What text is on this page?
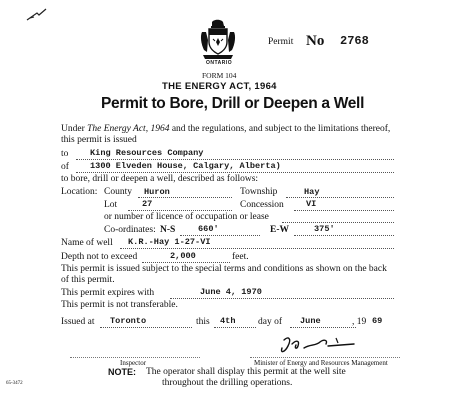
ONTARIO
Permit No 2768
FORM 104
THE ENERGY ACT, 1964
Permit to Bore, Drill or Deepen a Well
Under The Energy Act, 1964 and the regulations, and subject to the limitations thereof,
this permit is issued
to	King Resources Company
of 1300 Elveden House, Calgary, Alberta)
to bore, drill or deepen a well, described as follows:
Location: County Huron	Township	Hay
Lot	27	Concession	VI
or number of licence of occupation or lease
Co-ordinates: N-S	660'	E-W	375'
Name of well K.R.-Hay 1-27-VI
Depth not to exceed	2,000	feet.
This permit is issued subject to the special terms and conditions as shown on the back
of this permit.
This permit expires with	June 4, 1970
This permit is not transferable.
Issued at Toronto	this 4th day of June	, 19 69
Inspector	Minister of Energy and Resources Management
65-3472
NOTE: The operator shall display this permit at the well site
throughout the drilling operations.
